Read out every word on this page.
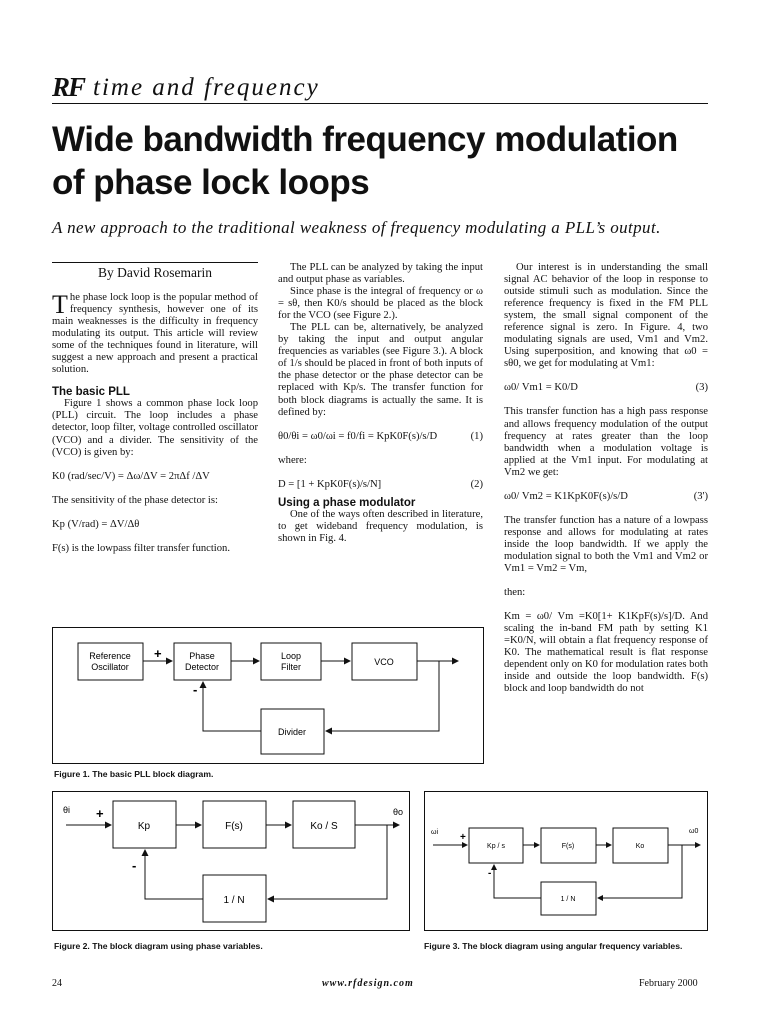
RF time and frequency
Wide bandwidth frequency modulation of phase lock loops
A new approach to the traditional weakness of frequency modulating a PLL’s output.
By David Rosemarin

The phase lock loop is the popular method of frequency synthesis, however one of its main weaknesses is the difficulty in frequency modulating its output. This article will review some of the techniques found in literature, will suggest a new approach and present a practical solution.

The basic PLL

Figure 1 shows a common phase lock loop (PLL) circuit. The loop includes a phase detector, loop filter, voltage controlled oscillator (VCO) and a divider. The sensitivity of the (VCO) is given by:

K0 (rad/sec/V) = Δω/ΔV = 2πΔf /ΔV

The sensitivity of the phase detector is:

Kp (V/rad) = ΔV/Δθ

F(s) is the lowpass filter transfer function.

The PLL can be analyzed by taking the input and output phase as variables.

Since phase is the integral of frequency or ω = sθ, then K0/s should be placed as the block for the VCO (see Figure 2.).

The PLL can be, alternatively, be analyzed by taking the input and output angular frequencies as variables (see Figure 3.). A block of 1/s should be placed in front of both inputs of the phase detector or the phase detector can be replaced with Kp/s. The transfer function for both block diagrams is actually the same. It is defined by:

θ0/θi = ω0/ωi = f0/fi = KpK0F(s)/s/D	(1)

where:

D = [1 + KpK0F(s)/s/N]	(2)
Using a phase modulator

One of the ways often described in literature, to get wideband frequency modulation, is shown in Fig. 4.

Our interest is in understanding the small signal AC behavior of the loop in response to outside stimuli such as modulation. Since the reference frequency is fixed in the FM PLL system, the small signal component of the reference signal is zero. In Figure. 4, two modulating signals are used, Vm1 and Vm2. Using superposition, and knowing that ω0 = sθ0, we get for modulating at Vm1:

ω0/ Vm1 = K0/D	(3)

This transfer function has a high pass response and allows frequency modulation of the output frequency at rates greater than the loop bandwidth when a modulation voltage is applied at the Vm1 input. For modulating at Vm2 we get:

ω0/ Vm2 = K1KpK0F(s)/s/D	(3')

The transfer function has a nature of a lowpass response and allows for modulating at rates inside the loop bandwidth. If we apply the modulation signal to both the Vm1 and Vm2 or Vm1 = Vm2 = Vm,

then:

Km = ω0/ Vm =K0[1+ K1KpF(s)/s]/D. And scaling the in-band FM path by setting K1 =K0/N, will obtain a flat frequency response of K0. The mathematical result is flat response dependent only on K0 for modulation rates both inside and outside the loop bandwidth. F(s) block and loop bandwidth do not

Reference
Oscillator
Phase
Detector
Loop
Filter	VCO
Divider
+
-
Figure 1. The basic PLL block diagram.
θi	θo
Kp	F(s)	Ko / S
1 / N
+
-
Figure 2. The block diagram using phase variables.
ωi	ω0
Kp / s	F(s)	Ko
1 / N
+
-
Figure 3. The block diagram using angular frequency variables.
24	www.rfdesign.com	February 2000
